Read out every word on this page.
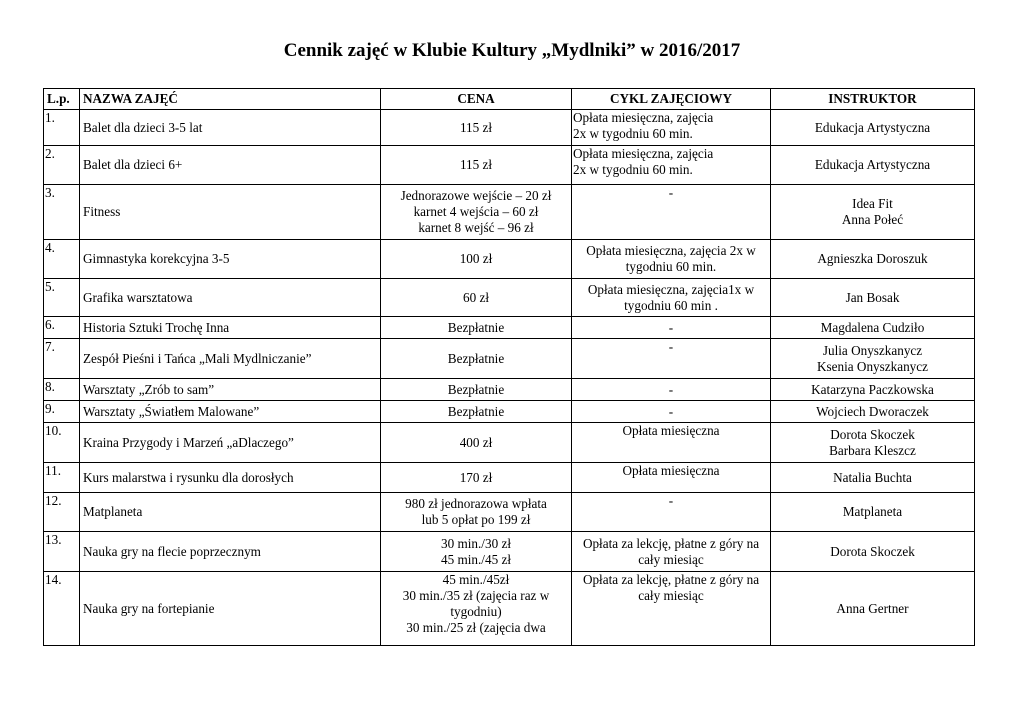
Cennik zajęć w Klubie Kultury „Mydlniki” w 2016/2017
L.p.	NAZWA ZAJĘĆ	CENA	CYKL ZAJĘCIOWY	INSTRUKTOR
1.	Balet dla dzieci 3-5 lat	115 zł	Opłata miesięczna, zajęcia
2x w tygodniu 60 min.	Edukacja Artystyczna

2.	Balet dla dzieci 6+	115 zł	Opłata miesięczna, zajęcia
2x w tygodniu 60 min.	Edukacja Artystyczna

3.	Fitness	Jednorazowe wejście – 20 zł
karnet 4 wejścia – 60 zł
karnet 8 wejść – 96 zł	-	Idea Fit
Anna Połeć

4.	Gimnastyka korekcyjna 3-5	100 zł	Opłata miesięczna, zajęcia 2x w
tygodniu 60 min.	Agnieszka Doroszuk

5.	Grafika warsztatowa	60 zł	Opłata miesięczna, zajęcia1x w
tygodniu 60 min .	Jan Bosak

6.	Historia Sztuki Trochę Inna	Bezpłatnie	-	Magdalena Cudziło

7.	Zespół Pieśni i Tańca „Mali Mydlniczanie”	Bezpłatnie	-	Julia Onyszkanycz
Ksenia Onyszkanycz

8.	Warsztaty „Zrób to sam”	Bezpłatnie	-	Katarzyna Paczkowska

9.	Warsztaty „Światłem Malowane”	Bezpłatnie	-	Wojciech Dworaczek

10.	Kraina Przygody i Marzeń „aDlaczego”	400 zł	Opłata miesięczna	Dorota Skoczek
Barbara Kleszcz

11.	Kurs malarstwa i rysunku dla dorosłych	170 zł	Opłata miesięczna	Natalia Buchta

12.	Matplaneta	980 zł jednorazowa wpłata
lub 5 opłat po 199 zł	-	Matplaneta

13.	Nauka gry na flecie poprzecznym	30 min./30 zł
45 min./45 zł	Opłata za lekcję, płatne z góry na
cały miesiąc	Dorota Skoczek

14.	Nauka gry na fortepianie	45 min./45zł
30 min./35 zł (zajęcia raz w
tygodniu)
30 min./25 zł (zajęcia dwa	Opłata za lekcję, płatne z góry na
cały miesiąc	Anna Gertner
